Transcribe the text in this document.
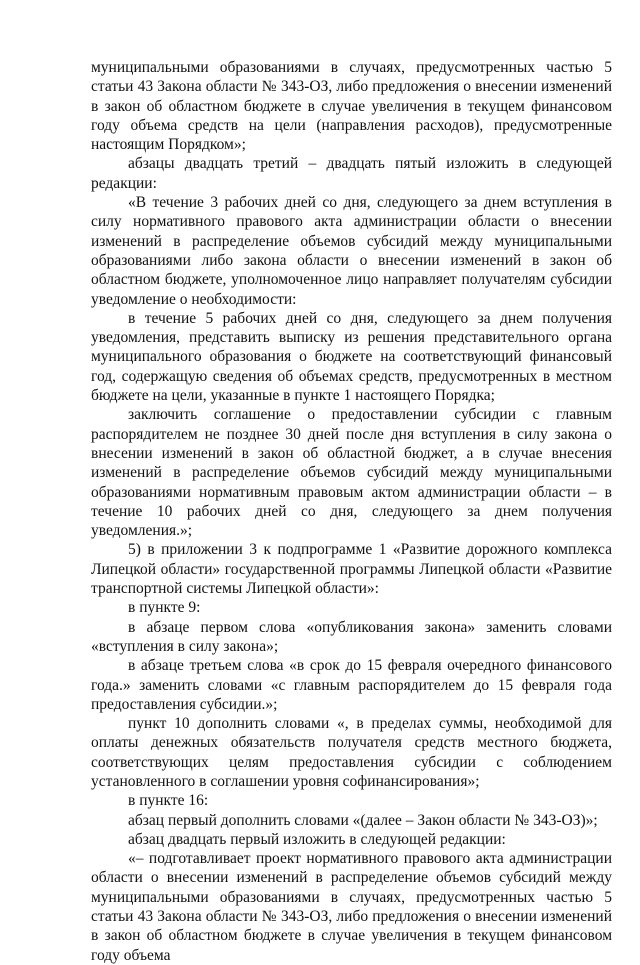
муниципальными образованиями в случаях, предусмотренных частью 5 статьи 43 Закона области № 343-ОЗ, либо предложения о внесении изменений в закон об областном бюджете в случае увеличения в текущем финансовом году объема средств на цели (направления расходов), предусмотренные настоящим Порядком»;

абзацы двадцать третий – двадцать пятый изложить в следующей редакции:

«В течение 3 рабочих дней со дня, следующего за днем вступления в силу нормативного правового акта администрации области о внесении изменений в распределение объемов субсидий между муниципальными образованиями либо закона области о внесении изменений в закон об областном бюджете, уполномоченное лицо направляет получателям субсидии уведомление о необходимости:

в течение 5 рабочих дней со дня, следующего за днем получения уведомления, представить выписку из решения представительного органа муниципального образования о бюджете на соответствующий финансовый год, содержащую сведения об объемах средств, предусмотренных в местном бюджете на цели, указанные в пункте 1 настоящего Порядка;

заключить соглашение о предоставлении субсидии с главным распорядителем не позднее 30 дней после дня вступления в силу закона о внесении изменений в закон об областной бюджет, а в случае внесения изменений в распределение объемов субсидий между муниципальными образованиями нормативным правовым актом администрации области – в течение 10 рабочих дней со дня, следующего за днем получения уведомления.»;

5) в приложении 3 к подпрограмме 1 «Развитие дорожного комплекса Липецкой области» государственной программы Липецкой области «Развитие транспортной системы Липецкой области»:

в пункте 9:

в абзаце первом слова «опубликования закона» заменить словами «вступления в силу закона»;

в абзаце третьем слова «в срок до 15 февраля очередного финансового года.» заменить словами «с главным распорядителем до 15 февраля года предоставления субсидии.»;

пункт 10 дополнить словами «, в пределах суммы, необходимой для оплаты денежных обязательств получателя средств местного бюджета, соответствующих целям предоставления субсидии с соблюдением установленного в соглашении уровня софинансирования»;

в пункте 16:

абзац первый дополнить словами «(далее – Закон области № 343-ОЗ)»;

абзац двадцать первый изложить в следующей редакции:

«– подготавливает проект нормативного правового акта администрации области о внесении изменений в распределение объемов субсидий между муниципальными образованиями в случаях, предусмотренных частью 5 статьи 43 Закона области № 343-ОЗ, либо предложения о внесении изменений в закон об областном бюджете в случае увеличения в текущем финансовом году объема
